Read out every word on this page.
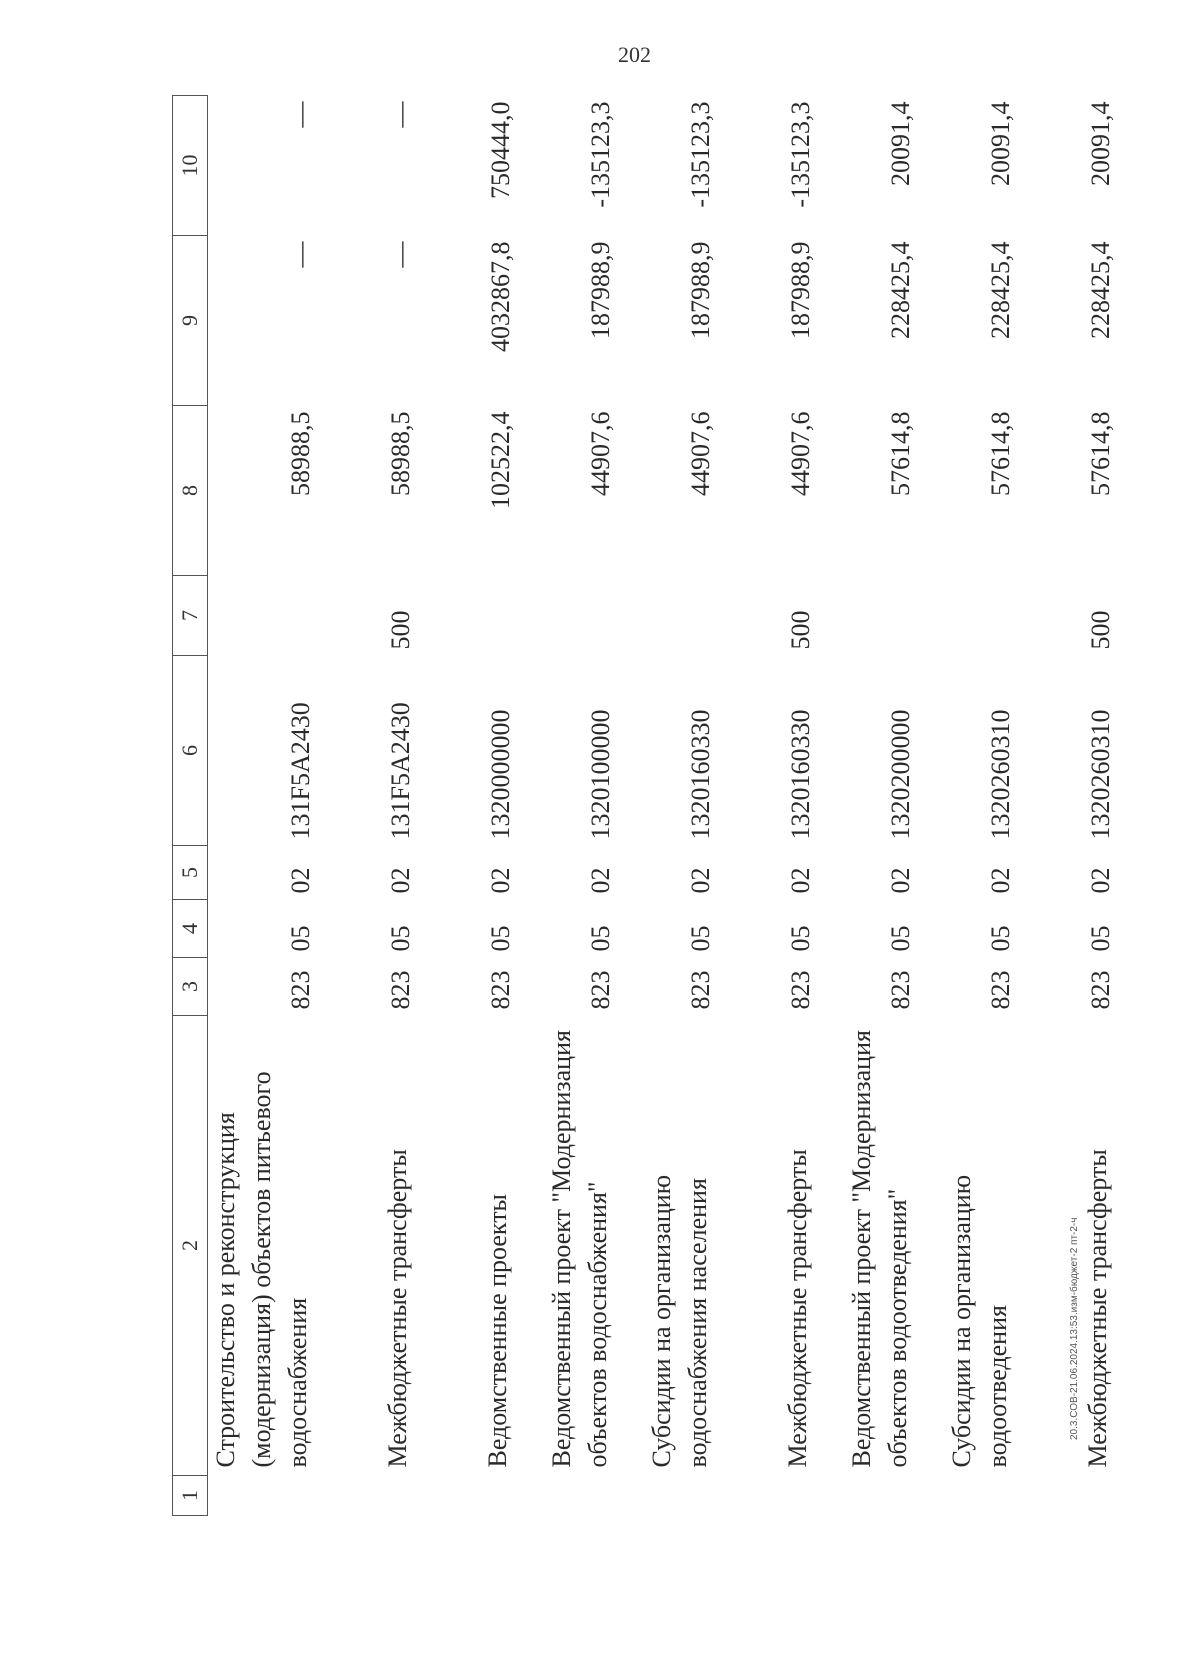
202
1	2	3	4	5	6	7	8	9	10
	Строительство и реконструкция (модернизация) объектов питьевого водоснабжения	823	05	02	131F5A2430		58988,5	—	—
	Межбюджетные трансферты	823	05	02	131F5A2430	500	58988,5	—	—
	Ведомственные проекты	823	05	02	1320000000		102522,4	4032867,8	750444,0
	Ведомственный проект "Модернизация объектов водоснабжения"	823	05	02	1320100000		44907,6	187988,9	-135123,3
	Субсидии на организацию водоснабжения населения	823	05	02	1320160330		44907,6	187988,9	-135123,3
	Межбюджетные трансферты	823	05	02	1320160330	500	44907,6	187988,9	-135123,3
	Ведомственный проект "Модернизация объектов водоотведения"	823	05	02	1320200000		57614,8	228425,4	20091,4
	Субсидии на организацию водоотведения	823	05	02	1320260310		57614,8	228425,4	20091,4
	Межбюджетные трансферты	823	05	02	1320260310	500	57614,8	228425,4	20091,4
20.3.СОВ-21.06.2024.13:53.изм-бюджет-2 пт-2-ч
